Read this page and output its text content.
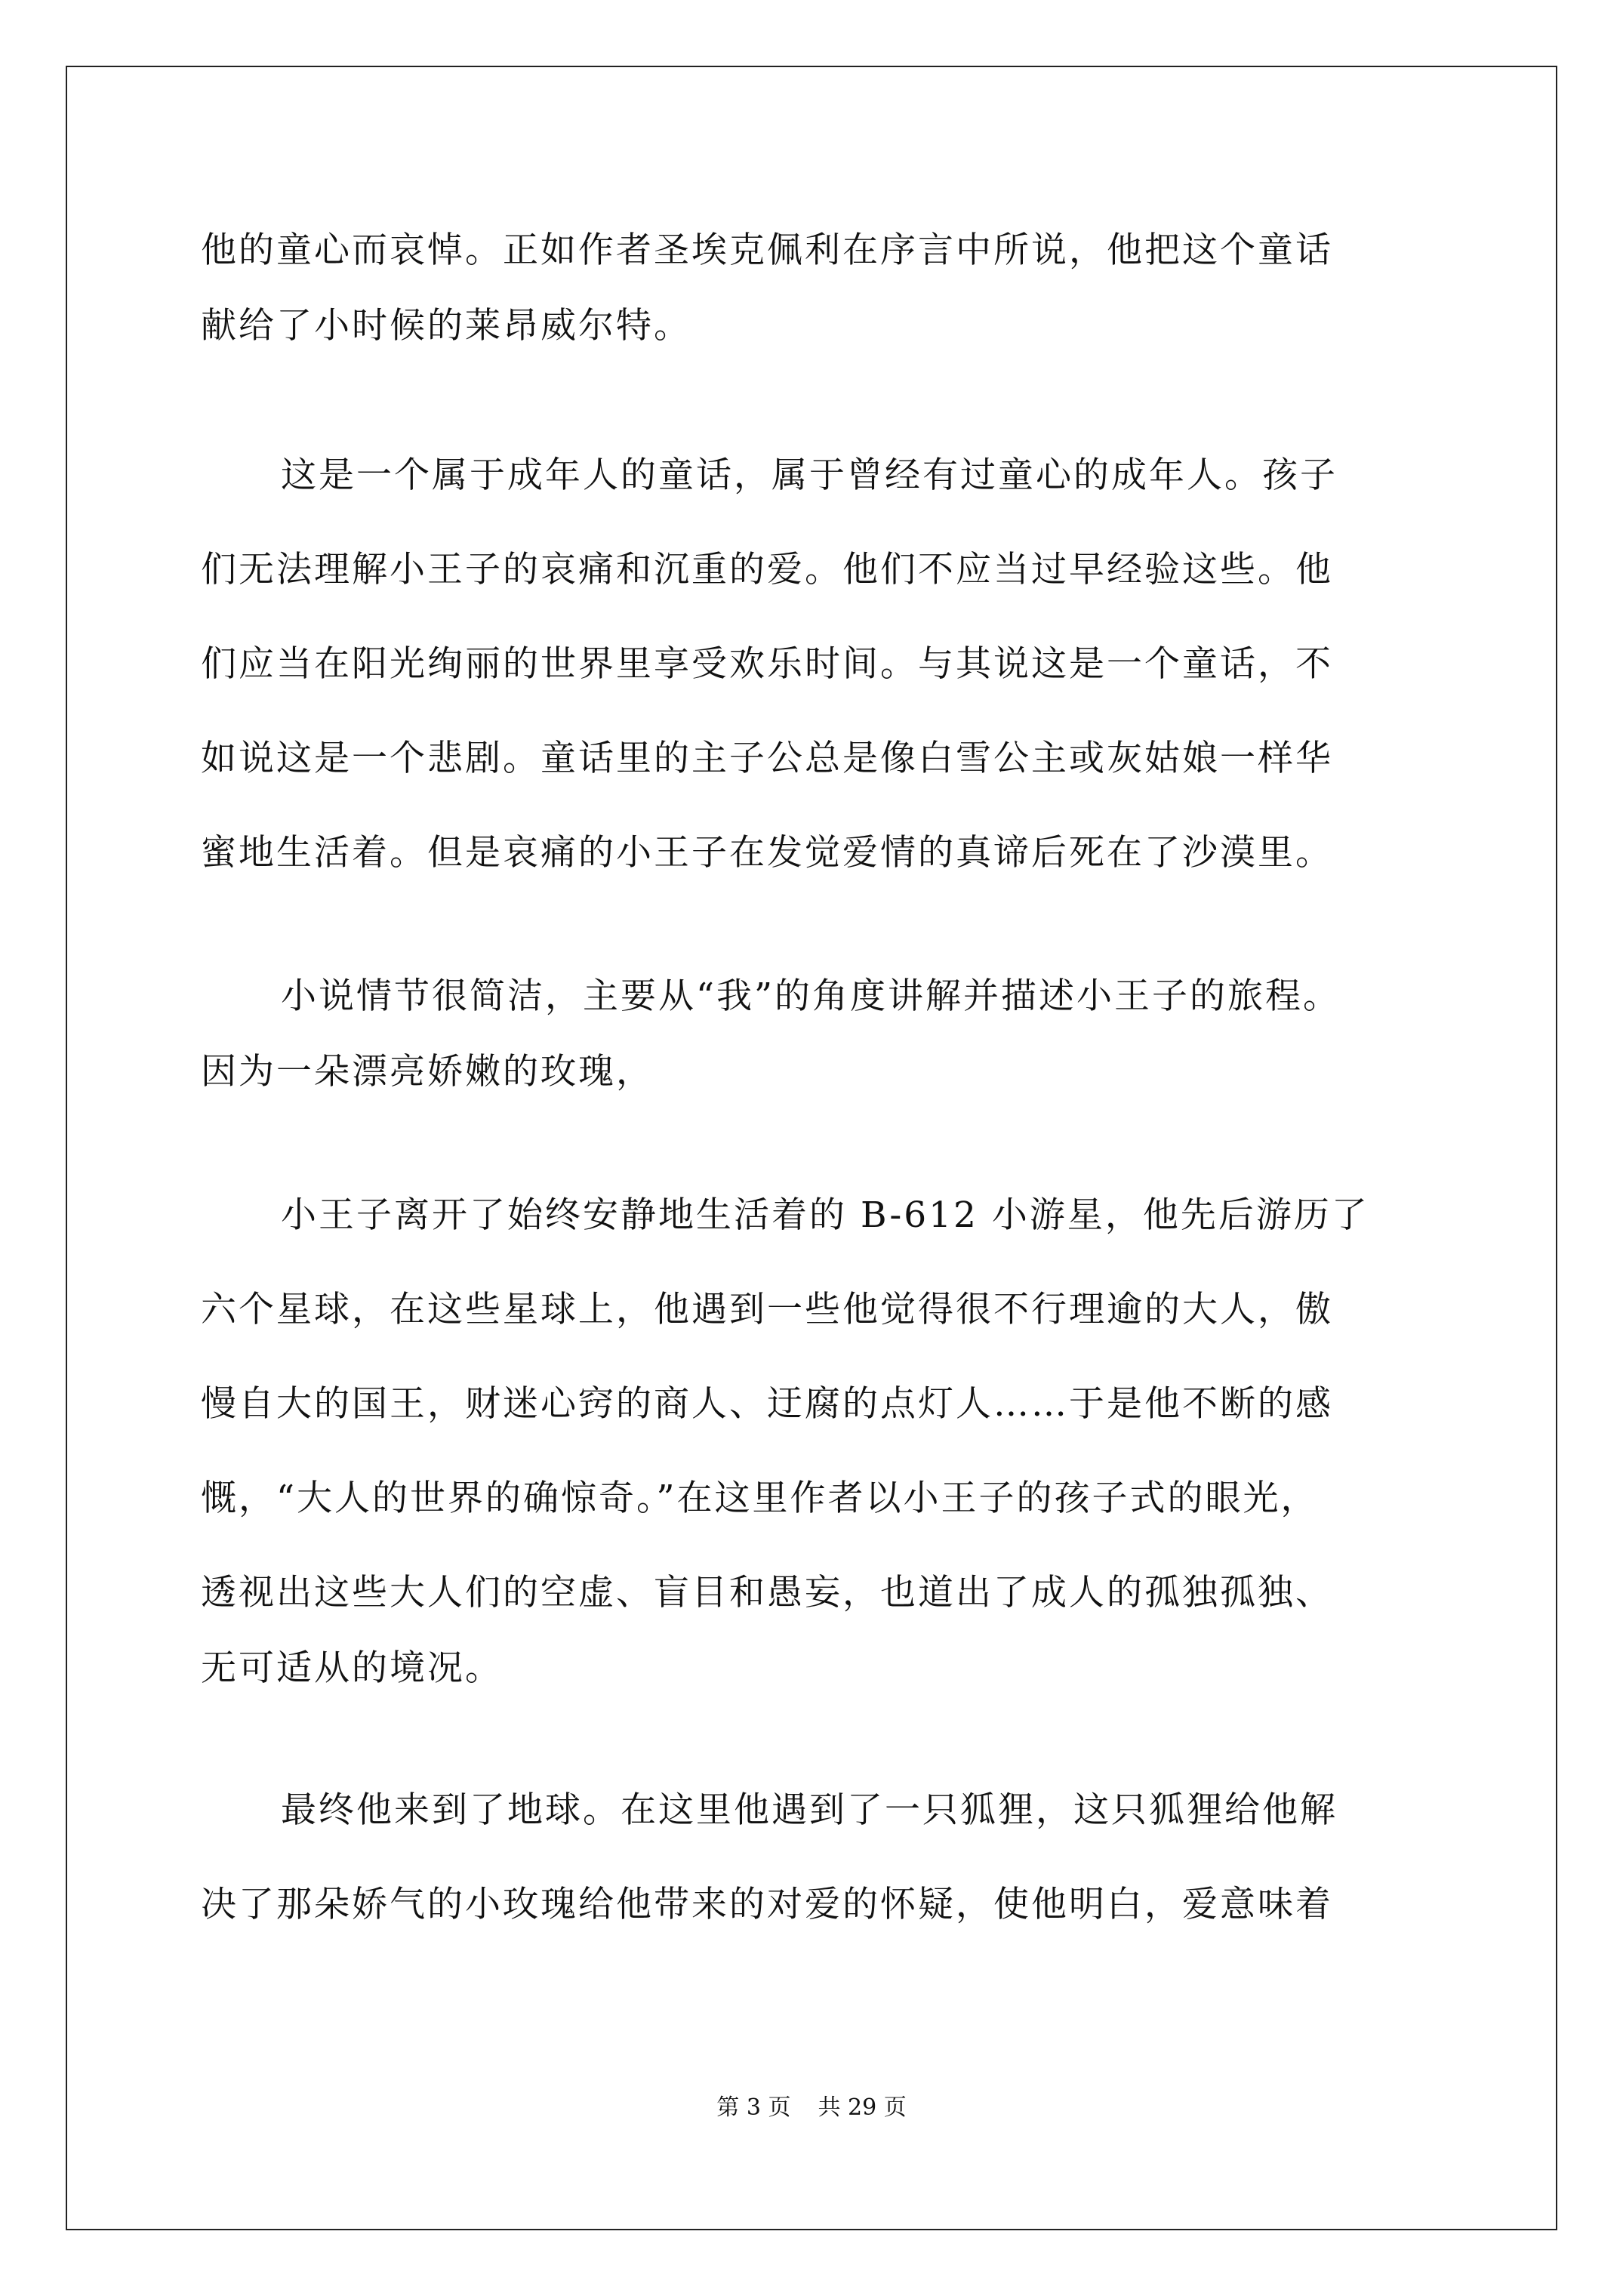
他的童心而哀悼。正如作者圣埃克佩利在序言中所说，他把这个童话
献给了小时候的莱昂威尔特。
这是一个属于成年人的童话，属于曾经有过童心的成年人。孩子
们无法理解小王子的哀痛和沉重的爱。他们不应当过早经验这些。他
们应当在阳光绚丽的世界里享受欢乐时间。与其说这是一个童话，不
如说这是一个悲剧。童话里的主子公总是像白雪公主或灰姑娘一样华
蜜地生活着。但是哀痛的小王子在发觉爱情的真谛后死在了沙漠里。
小说情节很简洁，主要从“我”的角度讲解并描述小王子的旅程。
因为一朵漂亮娇嫩的玫瑰，
小王子离开了始终安静地生活着的 B-612 小游星，他先后游历了
六个星球，在这些星球上，他遇到一些他觉得很不行理逾的大人，傲
慢自大的国王，财迷心窍的商人、迂腐的点灯人……于是他不断的感
慨，“大人的世界的确惊奇。”在这里作者以小王子的孩子式的眼光，
透视出这些大人们的空虚、盲目和愚妄，也道出了成人的孤独孤独、
无可适从的境况。
最终他来到了地球。在这里他遇到了一只狐狸，这只狐狸给他解
决了那朵娇气的小玫瑰给他带来的对爱的怀疑，使他明白，爱意味着
第 3 页 共 29 页
